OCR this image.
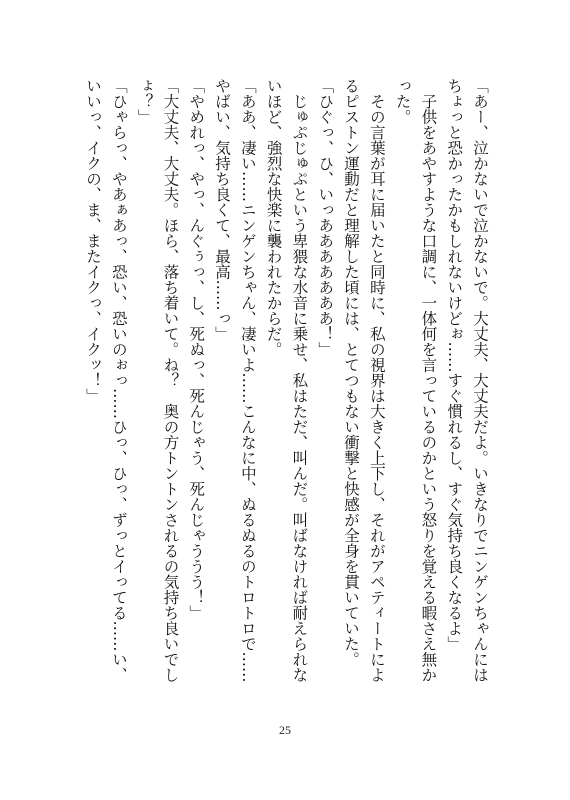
「あー、泣かないで泣かないで。大丈夫、大丈夫だよ。いきなりでニンゲンちゃんには
ちょっと恐かったかもしれないけどぉ……すぐ慣れるし、すぐ気持ち良くなるよ」
　子供をあやすような口調に、一体何を言っているのかという怒りを覚える暇さえ無か
った。
　その言葉が耳に届いたと同時に、私の視界は大きく上下し、それがアペティートによ
るピストン運動だと理解した頃には、とてつもない衝撃と快感が全身を貫いていた。
「ひぐっ、ひ、いっあああああああ！」
　じゅぷじゅぷという卑猥な水音に乗せ、私はただ、叫んだ。叫ばなければ耐えられな
いほど、強烈な快楽に襲われたからだ。
「ああ、凄い……ニンゲンちゃん、凄いよ……こんなに中、ぬるぬるのトロトロで……
やばい、気持ち良くて、最高……っ」
「やめれっ、やっ、んぐぅっ、し、死ぬっ、死んじゃう、死んじゃううう！」
「大丈夫、大丈夫。ほら、落ち着いて。ね？　奥の方トントンされるの気持ち良いでし
ょ？」
「ひゃらっ、やあぁあっ、恐い、恐いのぉっ……ひっ、ひっ、ずっとイってる……い、
いいっ、イクの、ま、またイクっ、イクッ！」
25
